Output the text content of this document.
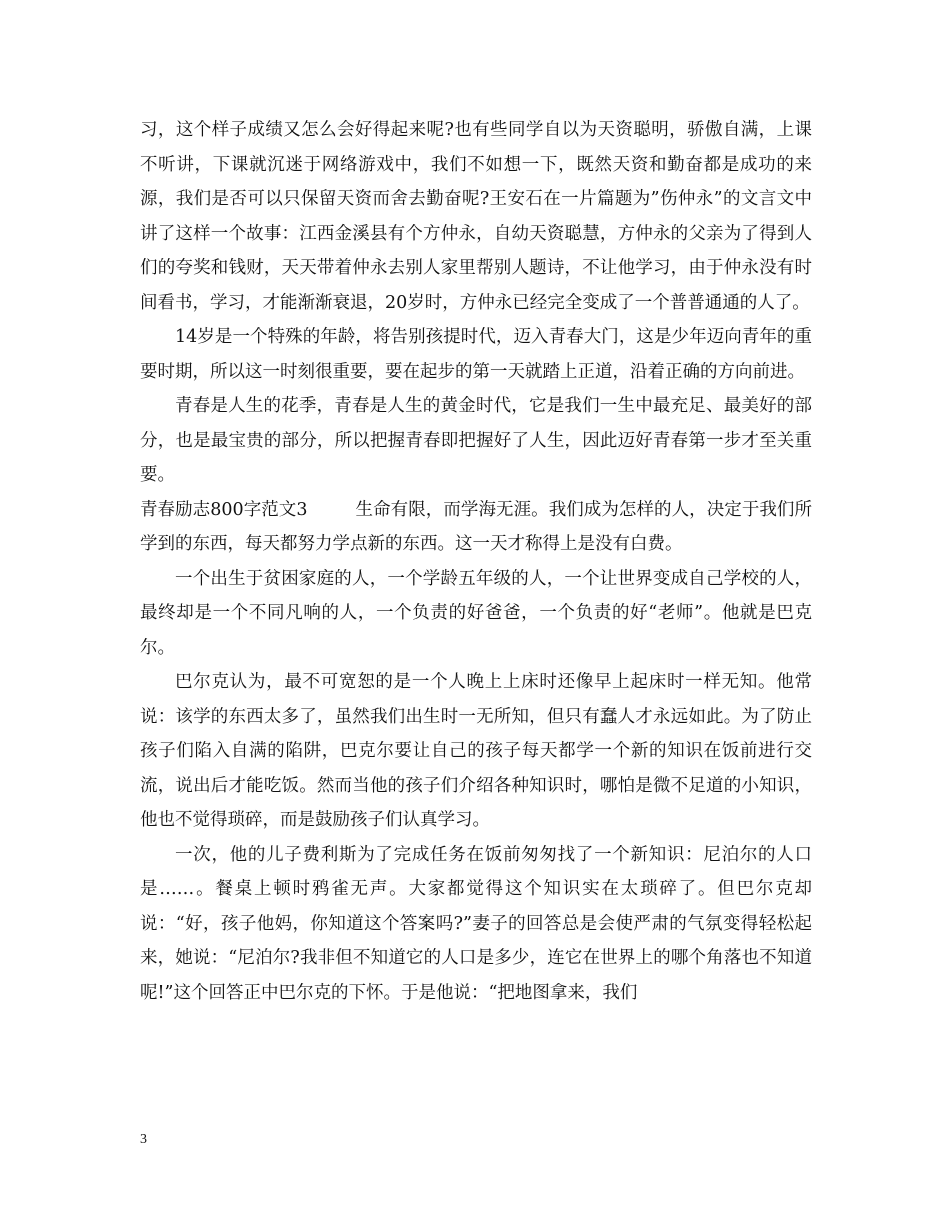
习，这个样子成绩又怎么会好得起来呢?也有些同学自以为天资聪明，骄傲自满，上课不听讲，下课就沉迷于网络游戏中，我们不如想一下，既然天资和勤奋都是成功的来源，我们是否可以只保留天资而舍去勤奋呢?王安石在一片篇题为”伤仲永”的文言文中讲了这样一个故事：江西金溪县有个方仲永，自幼天资聪慧，方仲永的父亲为了得到人们的夸奖和钱财，天天带着仲永去别人家里帮别人题诗，不让他学习，由于仲永没有时间看书，学习，才能渐渐衰退，20岁时，方仲永已经完全变成了一个普普通通的人了。

14岁是一个特殊的年龄，将告别孩提时代，迈入青春大门，这是少年迈向青年的重要时期，所以这一时刻很重要，要在起步的第一天就踏上正道，沿着正确的方向前进。

青春是人生的花季，青春是人生的黄金时代，它是我们一生中最充足、最美好的部分，也是最宝贵的部分，所以把握青春即把握好了人生，因此迈好青春第一步才至关重要。

青春励志800字范文3	生命有限，而学海无涯。我们成为怎样的人，决定于我们所学到的东西，每天都努力学点新的东西。这一天才称得上是没有白费。

一个出生于贫困家庭的人，一个学龄五年级的人，一个让世界变成自己学校的人，最终却是一个不同凡响的人，一个负责的好爸爸，一个负责的好“老师”。他就是巴克尔。

巴尔克认为，最不可宽恕的是一个人晚上上床时还像早上起床时一样无知。他常说：该学的东西太多了，虽然我们出生时一无所知，但只有蠢人才永远如此。为了防止孩子们陷入自满的陷阱，巴克尔要让自己的孩子每天都学一个新的知识在饭前进行交流，说出后才能吃饭。然而当他的孩子们介绍各种知识时，哪怕是微不足道的小知识，他也不觉得琐碎，而是鼓励孩子们认真学习。

一次，他的儿子费利斯为了完成任务在饭前匆匆找了一个新知识：尼泊尔的人口是……。餐桌上顿时鸦雀无声。大家都觉得这个知识实在太琐碎了。但巴尔克却说：“好，孩子他妈，你知道这个答案吗?”妻子的回答总是会使严肃的气氛变得轻松起来，她说：“尼泊尔?我非但不知道它的人口是多少，连它在世界上的哪个角落也不知道呢!”这个回答正中巴尔克的下怀。于是他说：“把地图拿来，我们

3
